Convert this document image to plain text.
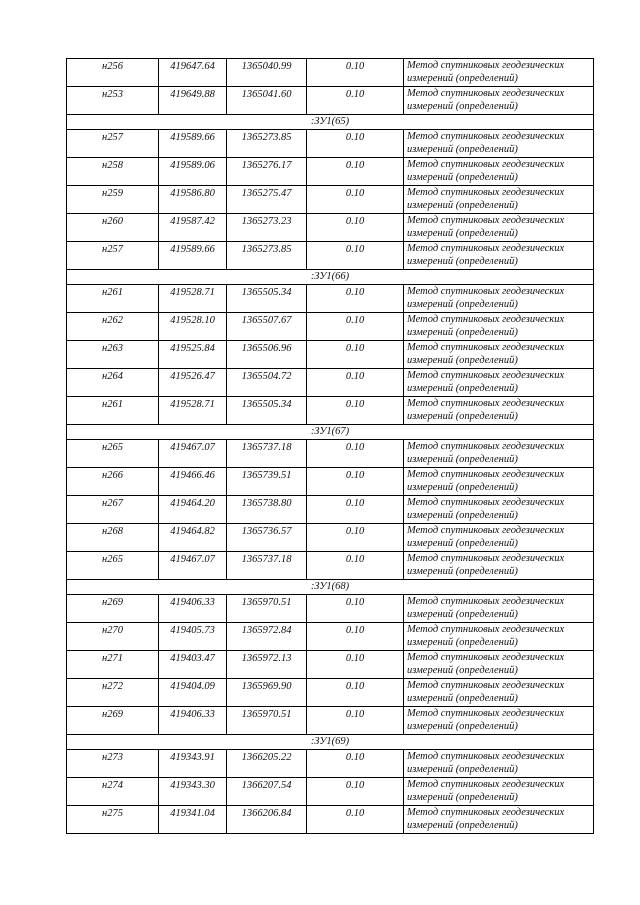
н256	419647.64	1365040.99	0.10	Метод спутниковых геодезических измерений (определений)
н253	419649.88	1365041.60	0.10	Метод спутниковых геодезических измерений (определений)
:ЗУ1(65)				
н257	419589.66	1365273.85	0.10	Метод спутниковых геодезических измерений (определений)
н258	419589.06	1365276.17	0.10	Метод спутниковых геодезических измерений (определений)
н259	419586.80	1365275.47	0.10	Метод спутниковых геодезических измерений (определений)
н260	419587.42	1365273.23	0.10	Метод спутниковых геодезических измерений (определений)
н257	419589.66	1365273.85	0.10	Метод спутниковых геодезических измерений (определений)
:ЗУ1(66)				
н261	419528.71	1365505.34	0.10	Метод спутниковых геодезических измерений (определений)
н262	419528.10	1365507.67	0.10	Метод спутниковых геодезических измерений (определений)
н263	419525.84	1365506.96	0.10	Метод спутниковых геодезических измерений (определений)
н264	419526.47	1365504.72	0.10	Метод спутниковых геодезических измерений (определений)
н261	419528.71	1365505.34	0.10	Метод спутниковых геодезических измерений (определений)
:ЗУ1(67)				
н265	419467.07	1365737.18	0.10	Метод спутниковых геодезических измерений (определений)
н266	419466.46	1365739.51	0.10	Метод спутниковых геодезических измерений (определений)
н267	419464.20	1365738.80	0.10	Метод спутниковых геодезических измерений (определений)
н268	419464.82	1365736.57	0.10	Метод спутниковых геодезических измерений (определений)
н265	419467.07	1365737.18	0.10	Метод спутниковых геодезических измерений (определений)
:ЗУ1(68)				
н269	419406.33	1365970.51	0.10	Метод спутниковых геодезических измерений (определений)
н270	419405.73	1365972.84	0.10	Метод спутниковых геодезических измерений (определений)
н271	419403.47	1365972.13	0.10	Метод спутниковых геодезических измерений (определений)
н272	419404.09	1365969.90	0.10	Метод спутниковых геодезических измерений (определений)
н269	419406.33	1365970.51	0.10	Метод спутниковых геодезических измерений (определений)
:ЗУ1(69)				
н273	419343.91	1366205.22	0.10	Метод спутниковых геодезических измерений (определений)
н274	419343.30	1366207.54	0.10	Метод спутниковых геодезических измерений (определений)
н275	419341.04	1366206.84	0.10	Метод спутниковых геодезических измерений (определений)
